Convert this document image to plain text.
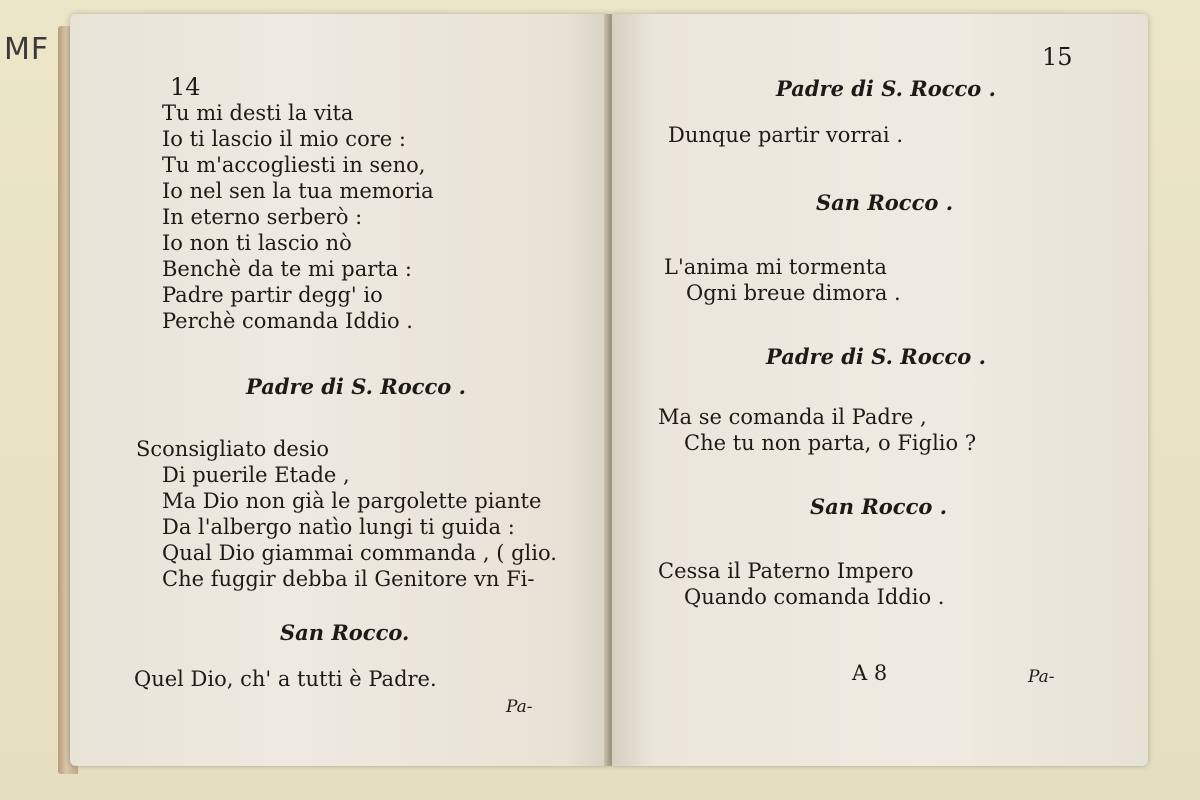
MF
14
Tu mi desti la vita
Io ti lascio il mio core :
Tu m'accogliesti in seno,
Io nel sen la tua memoria
In eterno serberò :
Io non ti lascio nò
Benchè da te mi parta :
Padre partir degg' io
Perchè comanda Iddio .
Padre di S. Rocco .
Sconsigliato desio
Di puerile Etade ,
Ma Dio non già le pargolette piante
Da l'albergo natìo lungi ti guida :
Qual Dio giammai commanda , ( glio.
Che fuggir debba il Genitore vn Fi-
San Rocco.
Quel Dio, ch' a tutti è Padre.
Pa-
15
Padre di S. Rocco .
Dunque partir vorrai .
San Rocco .
L'anima mi tormenta
Ogni breue dimora .
Padre di S. Rocco .
Ma se comanda il Padre ,
Che tu non parta, o Figlio ?
San Rocco .
Cessa il Paterno Impero
Quando comanda Iddio .
A 8	Pa-
